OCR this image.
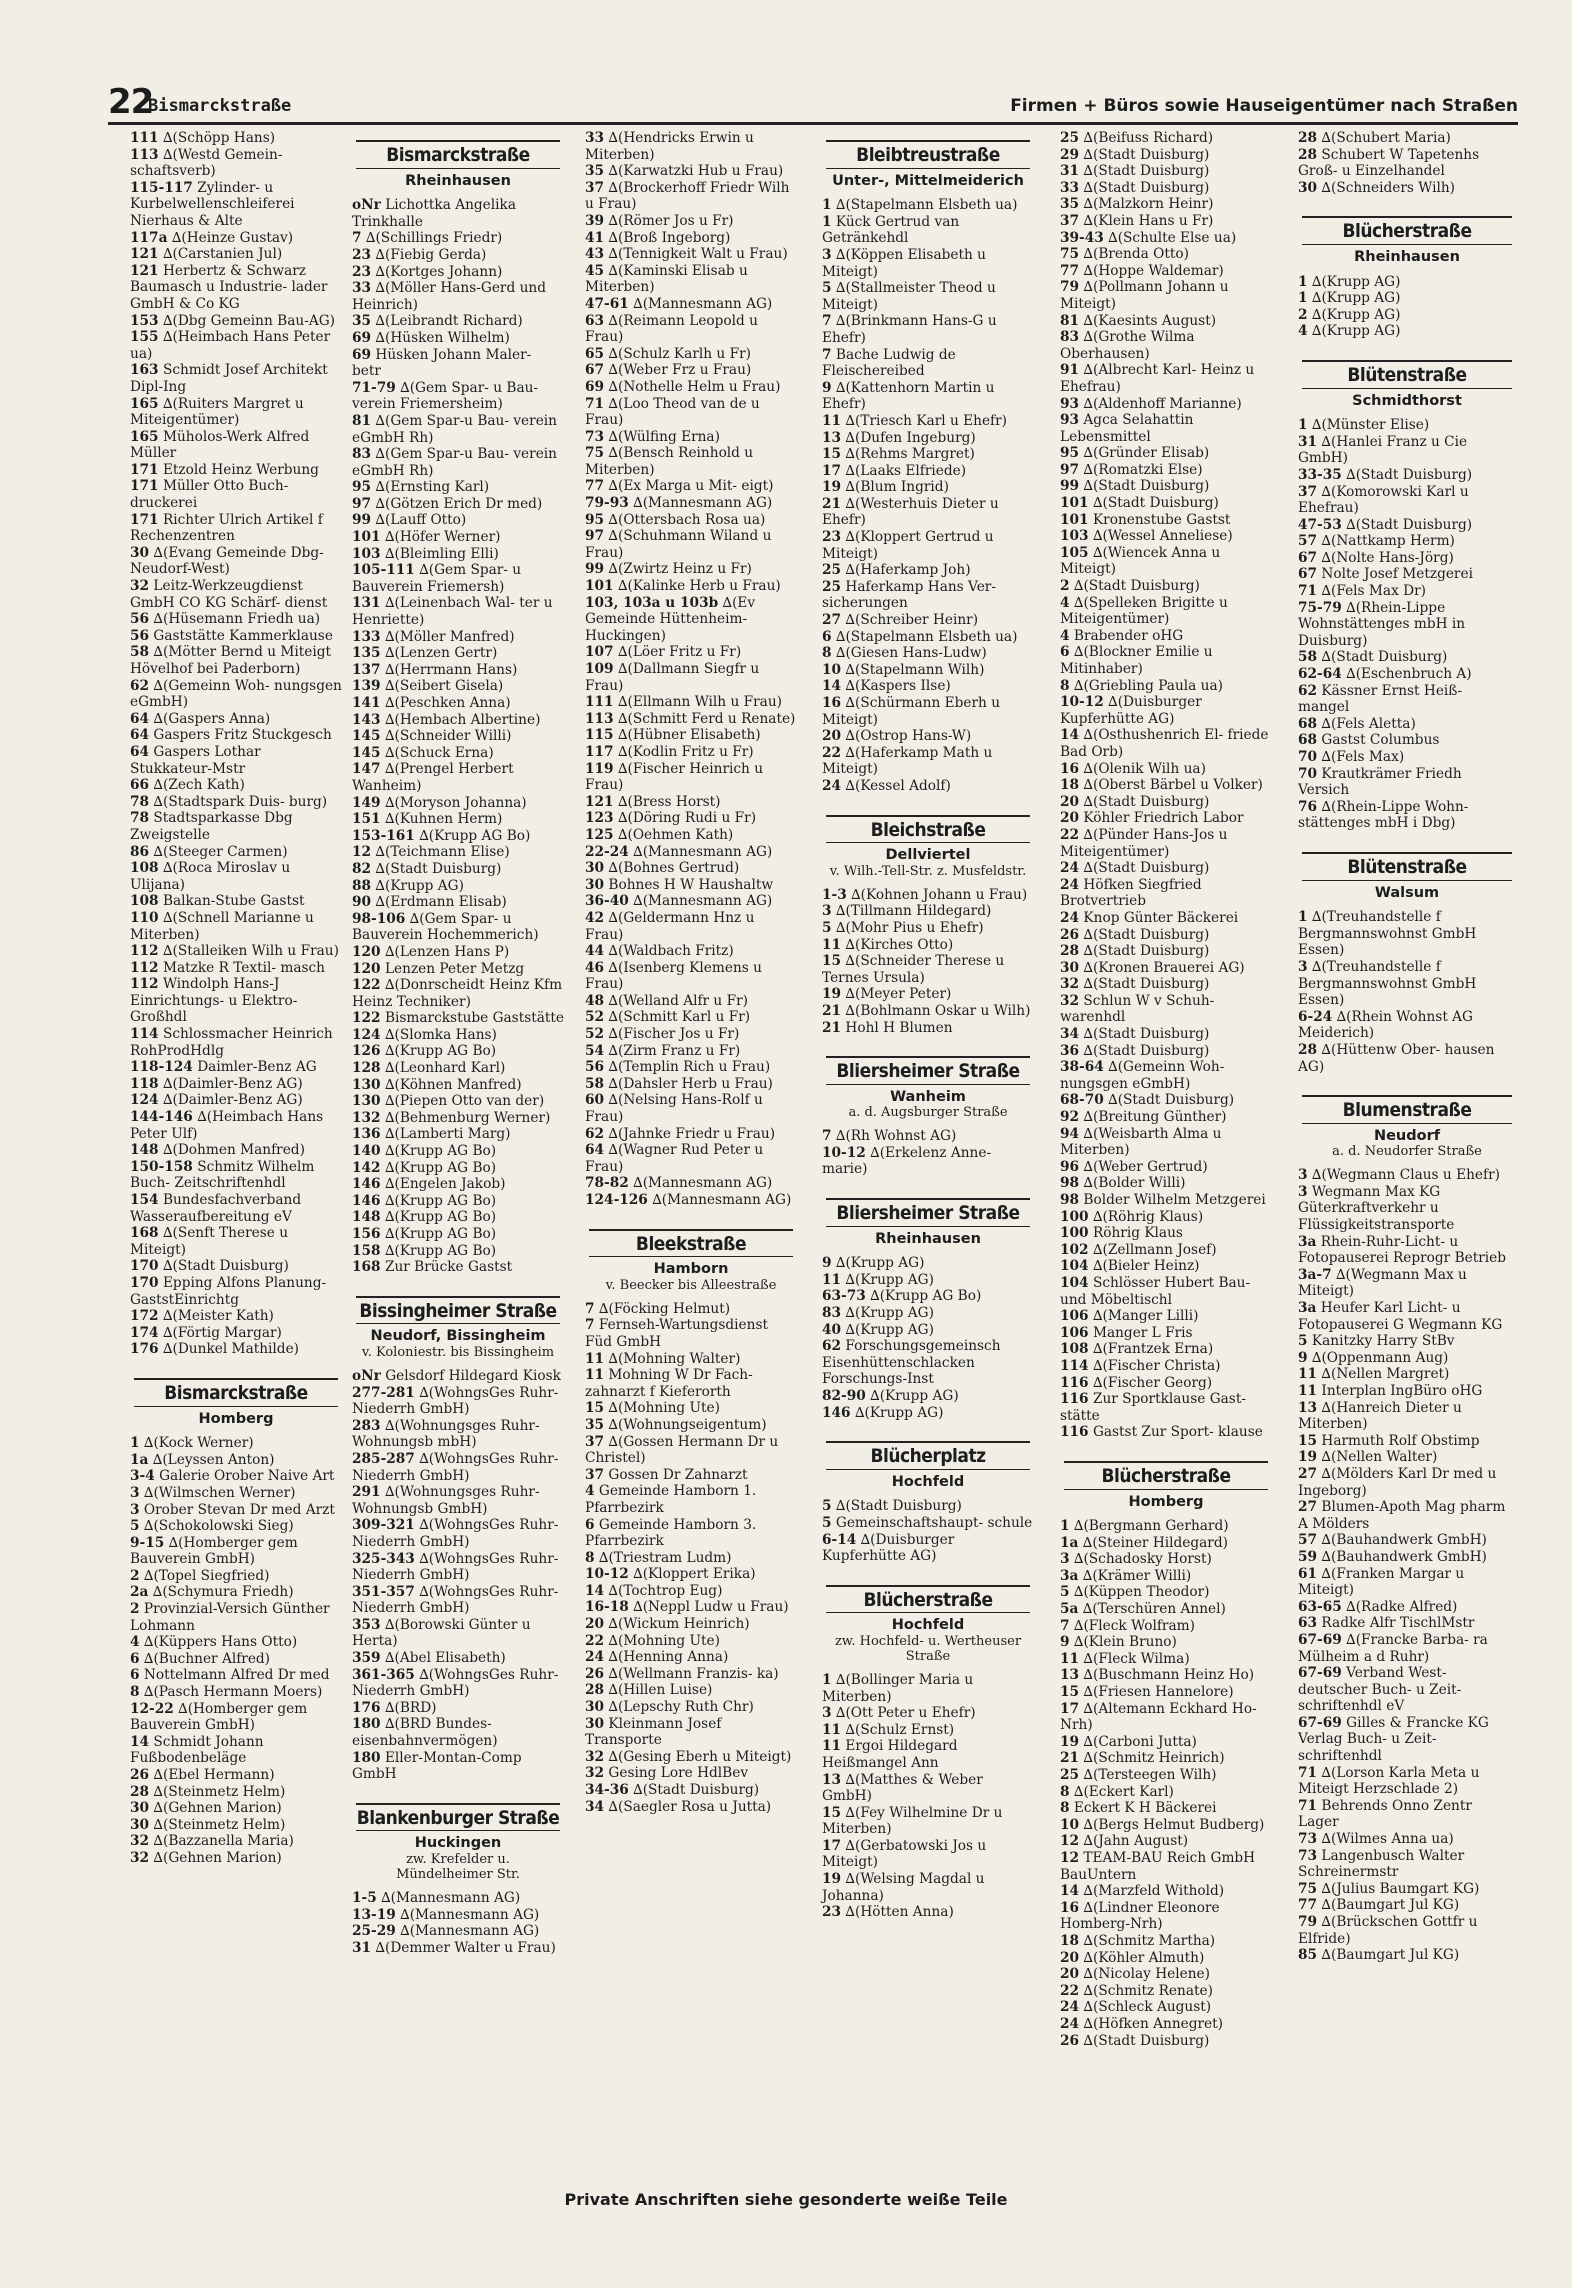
22
Bismarckstraße	Firmen + Büros sowie Hauseigentümer nach Straßen
111 ∆(Schöpp Hans)
113 ∆(Westd Gemein- schaftsverb)
115-117 Zylinder- u Kurbelwellenschleiferei Nierhaus & Alte
117a ∆(Heinze Gustav)
121 ∆(Carstanien Jul)
121 Herbertz & Schwarz Baumasch u Industrie- lader GmbH & Co KG
153 ∆(Dbg Gemeinn Bau-AG)
155 ∆(Heimbach Hans Peter ua)
163 Schmidt Josef Architekt Dipl-Ing
165 ∆(Ruiters Margret u Miteigentümer)
165 Müholos-Werk Alfred Müller
171 Etzold Heinz Werbung
171 Müller Otto Buch- druckerei
171 Richter Ulrich Artikel f Rechenzentren
30 ∆(Evang Gemeinde Dbg-Neudorf-West)
32 Leitz-Werkzeugdienst GmbH CO KG Schärf- dienst
56 ∆(Hüsemann Friedh ua)
56 Gaststätte Kammerklause
58 ∆(Mötter Bernd u Miteigt Hövelhof bei Paderborn)
62 ∆(Gemeinn Woh- nungsgen eGmbH)
64 ∆(Gaspers Anna)
64 Gaspers Fritz Stuckgesch
64 Gaspers Lothar Stukkateur-Mstr
66 ∆(Zech Kath)
78 ∆(Stadtspark Duis- burg)
78 Stadtsparkasse Dbg Zweigstelle
86 ∆(Steeger Carmen)
108 ∆(Roca Miroslav u Ulijana)
108 Balkan-Stube Gastst
110 ∆(Schnell Marianne u Miterben)
112 ∆(Stalleiken Wilh u Frau)
112 Matzke R Textil- masch
112 Windolph Hans-J Einrichtungs- u Elektro- Großhdl
114 Schlossmacher Heinrich RohProdHdlg
118-124 Daimler-Benz AG
118 ∆(Daimler-Benz AG)
124 ∆(Daimler-Benz AG)
144-146 ∆(Heimbach Hans Peter Ulf)
148 ∆(Dohmen Manfred)
150-158 Schmitz Wilhelm Buch- Zeitschriftenhdl
154 Bundesfachverband Wasseraufbereitung eV
168 ∆(Senft Therese u Miteigt)
170 ∆(Stadt Duisburg)
170 Epping Alfons Planung-GaststEinrichtg
172 ∆(Meister Kath)
174 ∆(Förtig Margar)
176 ∆(Dunkel Mathilde)
Bismarckstraße
Homberg
1 ∆(Kock Werner)
1a ∆(Leyssen Anton)
3-4 Galerie Orober Naive Art
3 ∆(Wilmschen Werner)
3 Orober Stevan Dr med Arzt
5 ∆(Schokolowski Sieg)
9-15 ∆(Homberger gem Bauverein GmbH)
2 ∆(Topel Siegfried)
2a ∆(Schymura Friedh)
2 Provinzial-Versich Günther Lohmann
4 ∆(Küppers Hans Otto)
6 ∆(Buchner Alfred)
6 Nottelmann Alfred Dr med
8 ∆(Pasch Hermann Moers)
12-22 ∆(Homberger gem Bauverein GmbH)
14 Schmidt Johann Fußbodenbeläge
26 ∆(Ebel Hermann)
28 ∆(Steinmetz Helm)
30 ∆(Gehnen Marion)
30 ∆(Steinmetz Helm)
32 ∆(Bazzanella Maria)
32 ∆(Gehnen Marion)
Bismarckstraße
Rheinhausen
oNr Lichottka Angelika Trinkhalle
7 ∆(Schillings Friedr)
23 ∆(Fiebig Gerda)
23 ∆(Kortges Johann)
33 ∆(Möller Hans-Gerd und Heinrich)
35 ∆(Leibrandt Richard)
69 ∆(Hüsken Wilhelm)
69 Hüsken Johann Maler- betr
71-79 ∆(Gem Spar- u Bau- verein Friemersheim)
81 ∆(Gem Spar-u Bau- verein eGmbH Rh)
83 ∆(Gem Spar-u Bau- verein eGmbH Rh)
95 ∆(Ernsting Karl)
97 ∆(Götzen Erich Dr med)
99 ∆(Lauff Otto)
101 ∆(Höfer Werner)
103 ∆(Bleimling Elli)
105-111 ∆(Gem Spar- u Bauverein Friemersh)
131 ∆(Leinenbach Wal- ter u Henriette)
133 ∆(Möller Manfred)
135 ∆(Lenzen Gertr)
137 ∆(Herrmann Hans)
139 ∆(Seibert Gisela)
141 ∆(Peschken Anna)
143 ∆(Hembach Albertine)
145 ∆(Schneider Willi)
145 ∆(Schuck Erna)
147 ∆(Prengel Herbert Wanheim)
149 ∆(Moryson Johanna)
151 ∆(Kuhnen Herm)
153-161 ∆(Krupp AG Bo)
12 ∆(Teichmann Elise)
82 ∆(Stadt Duisburg)
88 ∆(Krupp AG)
90 ∆(Erdmann Elisab)
98-106 ∆(Gem Spar- u Bauverein Hochemmerich)
120 ∆(Lenzen Hans P)
120 Lenzen Peter Metzg
122 ∆(Donrscheidt Heinz Kfm Heinz Techniker)
122 Bismarckstube Gaststätte
124 ∆(Slomka Hans)
126 ∆(Krupp AG Bo)
128 ∆(Leonhard Karl)
130 ∆(Köhnen Manfred)
130 ∆(Piepen Otto van der)
132 ∆(Behmenburg Werner)
136 ∆(Lamberti Marg)
140 ∆(Krupp AG Bo)
142 ∆(Krupp AG Bo)
146 ∆(Engelen Jakob)
146 ∆(Krupp AG Bo)
148 ∆(Krupp AG Bo)
156 ∆(Krupp AG Bo)
158 ∆(Krupp AG Bo)
168 Zur Brücke Gastst
Bissingheimer Straße
Neudorf, Bissingheim
v. Koloniestr. bis Bissingheim
oNr Gelsdorf Hildegard Kiosk
277-281 ∆(WohngsGes Ruhr-Niederrh GmbH)
283 ∆(Wohnungsges Ruhr-Wohnungsb mbH)
285-287 ∆(WohngsGes Ruhr-Niederrh GmbH)
291 ∆(Wohnungsges Ruhr-Wohnungsb GmbH)
309-321 ∆(WohngsGes Ruhr-Niederrh GmbH)
325-343 ∆(WohngsGes Ruhr-Niederrh GmbH)
351-357 ∆(WohngsGes Ruhr-Niederrh GmbH)
353 ∆(Borowski Günter u Herta)
359 ∆(Abel Elisabeth)
361-365 ∆(WohngsGes Ruhr-Niederrh GmbH)
176 ∆(BRD)
180 ∆(BRD Bundes- eisenbahnvermögen)
180 Eller-Montan-Comp GmbH
Blankenburger Straße
Huckingen
zw. Krefelder u. Mündelheimer Str.
1-5 ∆(Mannesmann AG)
13-19 ∆(Mannesmann AG)
25-29 ∆(Mannesmann AG)
31 ∆(Demmer Walter u Frau)
33 ∆(Hendricks Erwin u Miterben)
35 ∆(Karwatzki Hub u Frau)
37 ∆(Brockerhoff Friedr Wilh u Frau)
39 ∆(Römer Jos u Fr)
41 ∆(Broß Ingeborg)
43 ∆(Tennigkeit Walt u Frau)
45 ∆(Kaminski Elisab u Miterben)
47-61 ∆(Mannesmann AG)
63 ∆(Reimann Leopold u Frau)
65 ∆(Schulz Karlh u Fr)
67 ∆(Weber Frz u Frau)
69 ∆(Nothelle Helm u Frau)
71 ∆(Loo Theod van de u Frau)
73 ∆(Wülfing Erna)
75 ∆(Bensch Reinhold u Miterben)
77 ∆(Ex Marga u Mit- eigt)
79-93 ∆(Mannesmann AG)
95 ∆(Ottersbach Rosa ua)
97 ∆(Schuhmann Wiland u Frau)
99 ∆(Zwirtz Heinz u Fr)
101 ∆(Kalinke Herb u Frau)
103, 103a u 103b ∆(Ev Gemeinde Hüttenheim- Huckingen)
107 ∆(Löer Fritz u Fr)
109 ∆(Dallmann Siegfr u Frau)
111 ∆(Ellmann Wilh u Frau)
113 ∆(Schmitt Ferd u Renate)
115 ∆(Hübner Elisabeth)
117 ∆(Kodlin Fritz u Fr)
119 ∆(Fischer Heinrich u Frau)
121 ∆(Bress Horst)
123 ∆(Döring Rudi u Fr)
125 ∆(Oehmen Kath)
22-24 ∆(Mannesmann AG)
30 ∆(Bohnes Gertrud)
30 Bohnes H W Haushaltw
36-40 ∆(Mannesmann AG)
42 ∆(Geldermann Hnz u Frau)
44 ∆(Waldbach Fritz)
46 ∆(Isenberg Klemens u Frau)
48 ∆(Welland Alfr u Fr)
52 ∆(Schmitt Karl u Fr)
52 ∆(Fischer Jos u Fr)
54 ∆(Zirm Franz u Fr)
56 ∆(Templin Rich u Frau)
58 ∆(Dahsler Herb u Frau)
60 ∆(Nelsing Hans-Rolf u Frau)
62 ∆(Jahnke Friedr u Frau)
64 ∆(Wagner Rud Peter u Frau)
78-82 ∆(Mannesmann AG)
124-126 ∆(Mannesmann AG)
Bleekstraße
Hamborn
v. Beecker bis Alleestraße
7 ∆(Föcking Helmut)
7 Fernseh-Wartungsdienst Füd GmbH
11 ∆(Mohning Walter)
11 Mohning W Dr Fach- zahnarzt f Kieferorth
15 ∆(Mohning Ute)
35 ∆(Wohnungseigentum)
37 ∆(Gossen Hermann Dr u Christel)
37 Gossen Dr Zahnarzt
4 Gemeinde Hamborn 1. Pfarrbezirk
6 Gemeinde Hamborn 3. Pfarrbezirk
8 ∆(Triestram Ludm)
10-12 ∆(Kloppert Erika)
14 ∆(Tochtrop Eug)
16-18 ∆(Neppl Ludw u Frau)
20 ∆(Wickum Heinrich)
22 ∆(Mohning Ute)
24 ∆(Henning Anna)
26 ∆(Wellmann Franzis- ka)
28 ∆(Hillen Luise)
30 ∆(Lepschy Ruth Chr)
30 Kleinmann Josef Transporte
32 ∆(Gesing Eberh u Miteigt)
32 Gesing Lore HdlBev
34-36 ∆(Stadt Duisburg)
34 ∆(Saegler Rosa u Jutta)
Bleibtreustraße
Unter-, Mittelmeiderich
1 ∆(Stapelmann Elsbeth ua)
1 Kück Gertrud van Getränkehdl
3 ∆(Köppen Elisabeth u Miteigt)
5 ∆(Stallmeister Theod u Miteigt)
7 ∆(Brinkmann Hans-G u Ehefr)
7 Bache Ludwig de Fleischereibed
9 ∆(Kattenhorn Martin u Ehefr)
11 ∆(Triesch Karl u Ehefr)
13 ∆(Dufen Ingeburg)
15 ∆(Rehms Margret)
17 ∆(Laaks Elfriede)
19 ∆(Blum Ingrid)
21 ∆(Westerhuis Dieter u Ehefr)
23 ∆(Kloppert Gertrud u Miteigt)
25 ∆(Haferkamp Joh)
25 Haferkamp Hans Ver- sicherungen
27 ∆(Schreiber Heinr)
6 ∆(Stapelmann Elsbeth ua)
8 ∆(Giesen Hans-Ludw)
10 ∆(Stapelmann Wilh)
14 ∆(Kaspers Ilse)
16 ∆(Schürmann Eberh u Miteigt)
20 ∆(Ostrop Hans-W)
22 ∆(Haferkamp Math u Miteigt)
24 ∆(Kessel Adolf)
Bleichstraße
Dellviertel
v. Wilh.-Tell-Str. z. Musfeldstr.
1-3 ∆(Kohnen Johann u Frau)
3 ∆(Tillmann Hildegard)
5 ∆(Mohr Pius u Ehefr)
11 ∆(Kirches Otto)
15 ∆(Schneider Therese u Ternes Ursula)
19 ∆(Meyer Peter)
21 ∆(Bohlmann Oskar u Wilh)
21 Hohl H Blumen
Bliersheimer Straße
Wanheim
a. d. Augsburger Straße
7 ∆(Rh Wohnst AG)
10-12 ∆(Erkelenz Anne- marie)
Bliersheimer Straße
Rheinhausen
9 ∆(Krupp AG)
11 ∆(Krupp AG)
63-73 ∆(Krupp AG Bo)
83 ∆(Krupp AG)
40 ∆(Krupp AG)
62 Forschungsgemeinsch Eisenhüttenschlacken Forschungs-Inst
82-90 ∆(Krupp AG)
146 ∆(Krupp AG)
Blücherplatz
Hochfeld
5 ∆(Stadt Duisburg)
5 Gemeinschaftshaupt- schule
6-14 ∆(Duisburger Kupferhütte AG)
Blücherstraße
Hochfeld
zw. Hochfeld- u. Wertheuser Straße
1 ∆(Bollinger Maria u Miterben)
3 ∆(Ott Peter u Ehefr)
11 ∆(Schulz Ernst)
11 Ergoi Hildegard Heißmangel Ann
13 ∆(Matthes & Weber GmbH)
15 ∆(Fey Wilhelmine Dr u Miterben)
17 ∆(Gerbatowski Jos u Miteigt)
19 ∆(Welsing Magdal u Johanna)
23 ∆(Hötten Anna)
25 ∆(Beifuss Richard)
29 ∆(Stadt Duisburg)
31 ∆(Stadt Duisburg)
33 ∆(Stadt Duisburg)
35 ∆(Malzkorn Heinr)
37 ∆(Klein Hans u Fr)
39-43 ∆(Schulte Else ua)
75 ∆(Brenda Otto)
77 ∆(Hoppe Waldemar)
79 ∆(Pollmann Johann u Miteigt)
81 ∆(Kaesints August)
83 ∆(Grothe Wilma Oberhausen)
91 ∆(Albrecht Karl- Heinz u Ehefrau)
93 ∆(Aldenhoff Marianne)
93 Agca Selahattin Lebensmittel
95 ∆(Gründer Elisab)
97 ∆(Romatzki Else)
99 ∆(Stadt Duisburg)
101 ∆(Stadt Duisburg)
101 Kronenstube Gastst
103 ∆(Wessel Anneliese)
105 ∆(Wiencek Anna u Miteigt)
2 ∆(Stadt Duisburg)
4 ∆(Spelleken Brigitte u Miteigentümer)
4 Brabender oHG
6 ∆(Blockner Emilie u Mitinhaber)
8 ∆(Griebling Paula ua)
10-12 ∆(Duisburger Kupferhütte AG)
14 ∆(Osthushenrich El- friede Bad Orb)
16 ∆(Olenik Wilh ua)
18 ∆(Oberst Bärbel u Volker)
20 ∆(Stadt Duisburg)
20 Köhler Friedrich Labor
22 ∆(Pünder Hans-Jos u Miteigentümer)
24 ∆(Stadt Duisburg)
24 Höfken Siegfried Brotvertrieb
24 Knop Günter Bäckerei
26 ∆(Stadt Duisburg)
28 ∆(Stadt Duisburg)
30 ∆(Kronen Brauerei AG)
32 ∆(Stadt Duisburg)
32 Schlun W v Schuh- warenhdl
34 ∆(Stadt Duisburg)
36 ∆(Stadt Duisburg)
38-64 ∆(Gemeinn Woh- nungsgen eGmbH)
68-70 ∆(Stadt Duisburg)
92 ∆(Breitung Günther)
94 ∆(Weisbarth Alma u Miterben)
96 ∆(Weber Gertrud)
98 ∆(Bolder Willi)
98 Bolder Wilhelm Metzgerei
100 ∆(Röhrig Klaus)
100 Röhrig Klaus
102 ∆(Zellmann Josef)
104 ∆(Bieler Heinz)
104 Schlösser Hubert Bau- und Möbeltischl
106 ∆(Manger Lilli)
106 Manger L Fris
108 ∆(Frantzek Erna)
114 ∆(Fischer Christa)
116 ∆(Fischer Georg)
116 Zur Sportklause Gast- stätte
116 Gastst Zur Sport- klause
Blücherstraße
Homberg
1 ∆(Bergmann Gerhard)
1a ∆(Steiner Hildegard)
3 ∆(Schadosky Horst)
3a ∆(Krämer Willi)
5 ∆(Küppen Theodor)
5a ∆(Terschüren Annel)
7 ∆(Fleck Wolfram)
9 ∆(Klein Bruno)
11 ∆(Fleck Wilma)
13 ∆(Buschmann Heinz Ho)
15 ∆(Friesen Hannelore)
17 ∆(Altemann Eckhard Ho-Nrh)
19 ∆(Carboni Jutta)
21 ∆(Schmitz Heinrich)
25 ∆(Tersteegen Wilh)
8 ∆(Eckert Karl)
8 Eckert K H Bäckerei
10 ∆(Bergs Helmut Budberg)
12 ∆(Jahn August)
12 TEAM-BAU Reich GmbH BauUntern
14 ∆(Marzfeld Withold)
16 ∆(Lindner Eleonore Homberg-Nrh)
18 ∆(Schmitz Martha)
20 ∆(Köhler Almuth)
20 ∆(Nicolay Helene)
22 ∆(Schmitz Renate)
24 ∆(Schleck August)
24 ∆(Höfken Annegret)
26 ∆(Stadt Duisburg)
28 ∆(Schubert Maria)
28 Schubert W Tapetenhs Groß- u Einzelhandel
30 ∆(Schneiders Wilh)
Blücherstraße
Rheinhausen
1 ∆(Krupp AG)
1 ∆(Krupp AG)
2 ∆(Krupp AG)
4 ∆(Krupp AG)
Blütenstraße
Schmidthorst
1 ∆(Münster Elise)
31 ∆(Hanlei Franz u Cie GmbH)
33-35 ∆(Stadt Duisburg)
37 ∆(Komorowski Karl u Ehefrau)
47-53 ∆(Stadt Duisburg)
57 ∆(Nattkamp Herm)
67 ∆(Nolte Hans-Jörg)
67 Nolte Josef Metzgerei
71 ∆(Fels Max Dr)
75-79 ∆(Rhein-Lippe Wohnstättenges mbH in Duisburg)
58 ∆(Stadt Duisburg)
62-64 ∆(Eschenbruch A)
62 Kässner Ernst Heiß- mangel
68 ∆(Fels Aletta)
68 Gastst Columbus
70 ∆(Fels Max)
70 Krautkrämer Friedh Versich
76 ∆(Rhein-Lippe Wohn- stättenges mbH i Dbg)
Blütenstraße
Walsum
1 ∆(Treuhandstelle f Bergmannswohnst GmbH Essen)
3 ∆(Treuhandstelle f Bergmannswohnst GmbH Essen)
6-24 ∆(Rhein Wohnst AG Meiderich)
28 ∆(Hüttenw Ober- hausen AG)
Blumenstraße
Neudorf
a. d. Neudorfer Straße
3 ∆(Wegmann Claus u Ehefr)
3 Wegmann Max KG Güterkraftverkehr u Flüssigkeitstransporte
3a Rhein-Ruhr-Licht- u Fotopauserei Reprogr Betrieb
3a-7 ∆(Wegmann Max u Miteigt)
3a Heufer Karl Licht- u Fotopauserei G Wegmann KG
5 Kanitzky Harry StBv
9 ∆(Oppenmann Aug)
11 ∆(Nellen Margret)
11 Interplan IngBüro oHG
13 ∆(Hanreich Dieter u Miterben)
15 Harmuth Rolf Obstimp
19 ∆(Nellen Walter)
27 ∆(Mölders Karl Dr med u Ingeborg)
27 Blumen-Apoth Mag pharm A Mölders
57 ∆(Bauhandwerk GmbH)
59 ∆(Bauhandwerk GmbH)
61 ∆(Franken Margar u Miteigt)
63-65 ∆(Radke Alfred)
63 Radke Alfr TischlMstr
67-69 ∆(Francke Barba- ra Mülheim a d Ruhr)
67-69 Verband West- deutscher Buch- u Zeit- schriftenhdl eV
67-69 Gilles & Francke KG Verlag Buch- u Zeit- schriftenhdl
71 ∆(Lorson Karla Meta u Miteigt Herzschlade 2)
71 Behrends Onno Zentr Lager
73 ∆(Wilmes Anna ua)
73 Langenbusch Walter Schreinermstr
75 ∆(Julius Baumgart KG)
77 ∆(Baumgart Jul KG)
79 ∆(Brückschen Gottfr u Elfride)
85 ∆(Baumgart Jul KG)
Private Anschriften siehe gesonderte weiße Teile
